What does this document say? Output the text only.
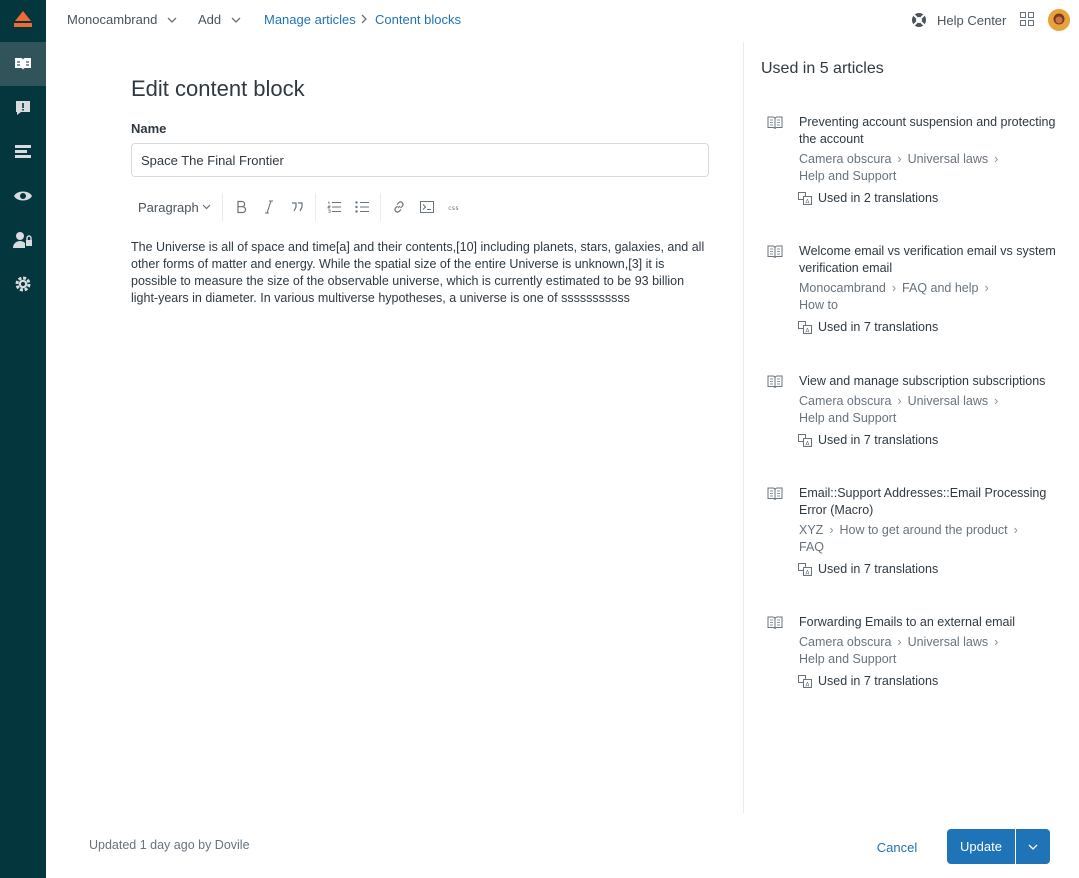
Monocambrand	Add	Manage articles Content blocks	Help Center
Edit content block
Name
Space The Final Frontier
Paragraph	css
The Universe is all of space and time[a] and their contents,[10] including planets, stars, galaxies, and all other forms of matter and energy. While the spatial size of the entire Universe is unknown,[3] it is possible to measure the size of the observable universe, which is currently estimated to be 93 billion light-years in diameter. In various multiverse hypotheses, a universe is one of sssssssssss
Used in 5 articles
Preventing account suspension and protecting the account
Camera obscura › Universal laws ›
Help and Support
A Used in 2 translations
Welcome email vs verification email vs system verification email
Monocambrand › FAQ and help ›
How to
A Used in 7 translations
View and manage subscription subscriptions
Camera obscura › Universal laws ›
Help and Support
A Used in 7 translations
Email::Support Addresses::Email Processing Error (Macro)
XYZ › How to get around the product ›
FAQ
A Used in 7 translations
Forwarding Emails to an external email
Camera obscura › Universal laws ›
Help and Support
A Used in 7 translations
Updated 1 day ago by Dovile	Cancel	Update
